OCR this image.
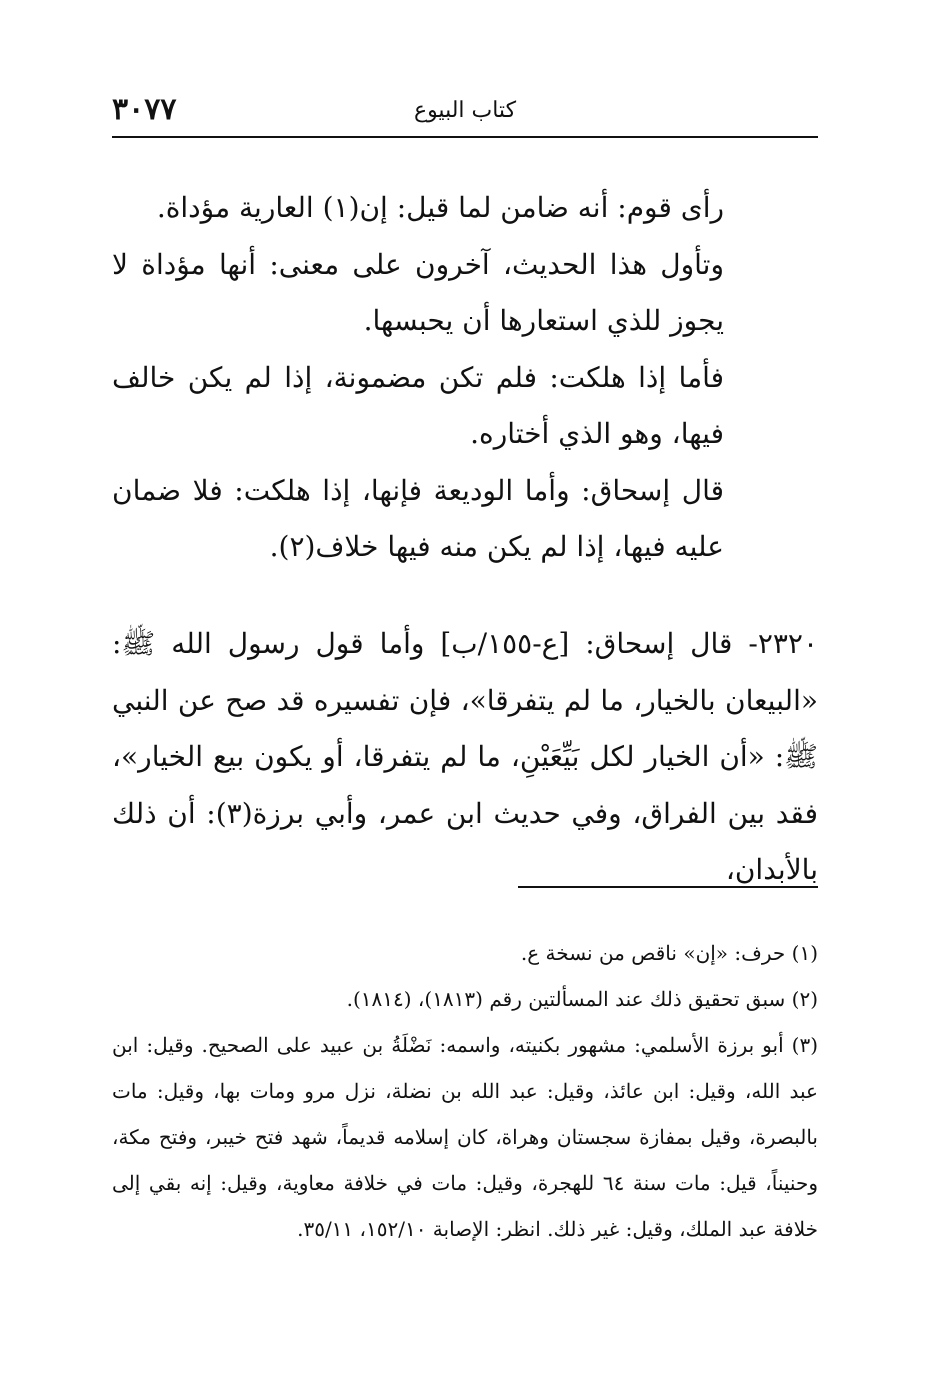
٣٠٧٧	كتاب البيوع

رأى قوم: أنه ضامن لما قيل: إن(١) العارية مؤداة.

وتأول هذا الحديث، آخرون على معنى: أنها مؤداة لا يجوز للذي استعارها أن يحبسها.

فأما إذا هلكت: فلم تكن مضمونة، إذا لم يكن خالف فيها، وهو الذي أختاره.

قال إسحاق: وأما الوديعة فإنها، إذا هلكت: فلا ضمان عليه فيها، إذا لم يكن منه فيها خلاف(٢).

٢٣٢٠- قال إسحاق: [ع-١٥٥/ب] وأما قول رسول الله ﷺ: «البيعان بالخيار، ما لم يتفرقا»، فإن تفسيره قد صح عن النبي ﷺ: «أن الخيار لكل بَيِّعَيْنِ، ما لم يتفرقا، أو يكون بيع الخيار»، فقد بين الفراق، وفي حديث ابن عمر، وأبي برزة(٣): أن ذلك بالأبدان،

(١) حرف: «إن» ناقص من نسخة ع.

(٢) سبق تحقيق ذلك عند المسألتين رقم (١٨١٣)، (١٨١٤).

(٣) أبو برزة الأسلمي: مشهور بكنيته، واسمه: نَضْلَةُ بن عبيد على الصحيح. وقيل: ابن عبد الله، وقيل: ابن عائذ، وقيل: عبد الله بن نضلة، نزل مرو ومات بها، وقيل: مات بالبصرة، وقيل بمفازة سجستان وهراة، كان إسلامه قديماً، شهد فتح خيبر، وفتح مكة، وحنيناً، قيل: مات سنة ٦٤ للهجرة، وقيل: مات في خلافة معاوية، وقيل: إنه بقي إلى خلافة عبد الملك، وقيل: غير ذلك. انظر: الإصابة ١٥٢/١٠، ٣٥/١١.
